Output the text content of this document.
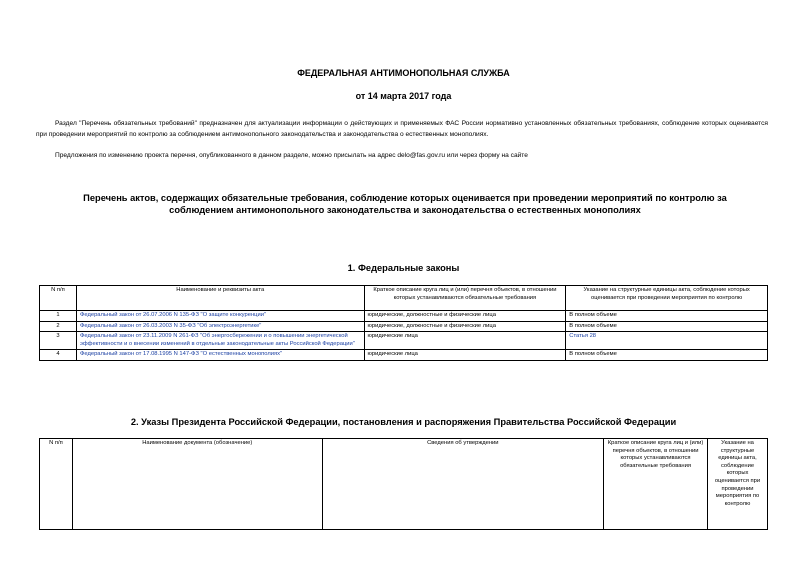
ФЕДЕРАЛЬНАЯ АНТИМОНОПОЛЬНАЯ СЛУЖБА
от 14 марта 2017 года
Раздел "Перечень обязательных требований" предназначен для актуализации информации о действующих и применяемых ФАС России нормативно установленных обязательных требованиях, соблюдение которых оценивается при проведении мероприятий по контролю за соблюдением антимонопольного законодательства и законодательства о естественных монополиях.
Предложения по изменению проекта перечня, опубликованного в данном разделе, можно присылать на адрес delo@fas.gov.ru или через форму на сайте
Перечень актов, содержащих обязательные требования, соблюдение которых оценивается при проведении мероприятий по контролю за соблюдением антимонопольного законодательства и законодательства о естественных монополиях
1. Федеральные законы
N п/п	Наименование и реквизиты акта	Краткое описание круга лиц и (или) перечня объектов, в отношении которых устанавливаются обязательные требования	Указание на структурные единицы акта, соблюдение которых оценивается при проведении мероприятия по контролю
1	Федеральный закон от 26.07.2006 N 135-ФЗ "О защите конкуренции"	юридические, должностные и физические лица	В полном объеме
2	Федеральный закон от 26.03.2003 N 35-ФЗ "Об электроэнергетике"	юридические, должностные и физические лица	В полном объеме
3	Федеральный закон от 23.11.2009 N 261-ФЗ "Об энергосбережении и о повышении энергетической эффективности и о внесении изменений в отдельные законодательные акты Российской Федерации"	юридические лица	Статья 28
4	Федеральный закон от 17.08.1995 N 147-ФЗ "О естественных монополиях"	юридические лица	В полном объеме
2. Указы Президента Российской Федерации, постановления и распоряжения Правительства Российской Федерации
N п/п	Наименование документа (обозначение)	Сведения об утверждении	Краткое описание круга лиц и (или) перечня объектов, в отношении которых устанавливаются обязательные требования	Указание на структурные единицы акта, соблюдение которых оценивается при проведении мероприятия по контролю
